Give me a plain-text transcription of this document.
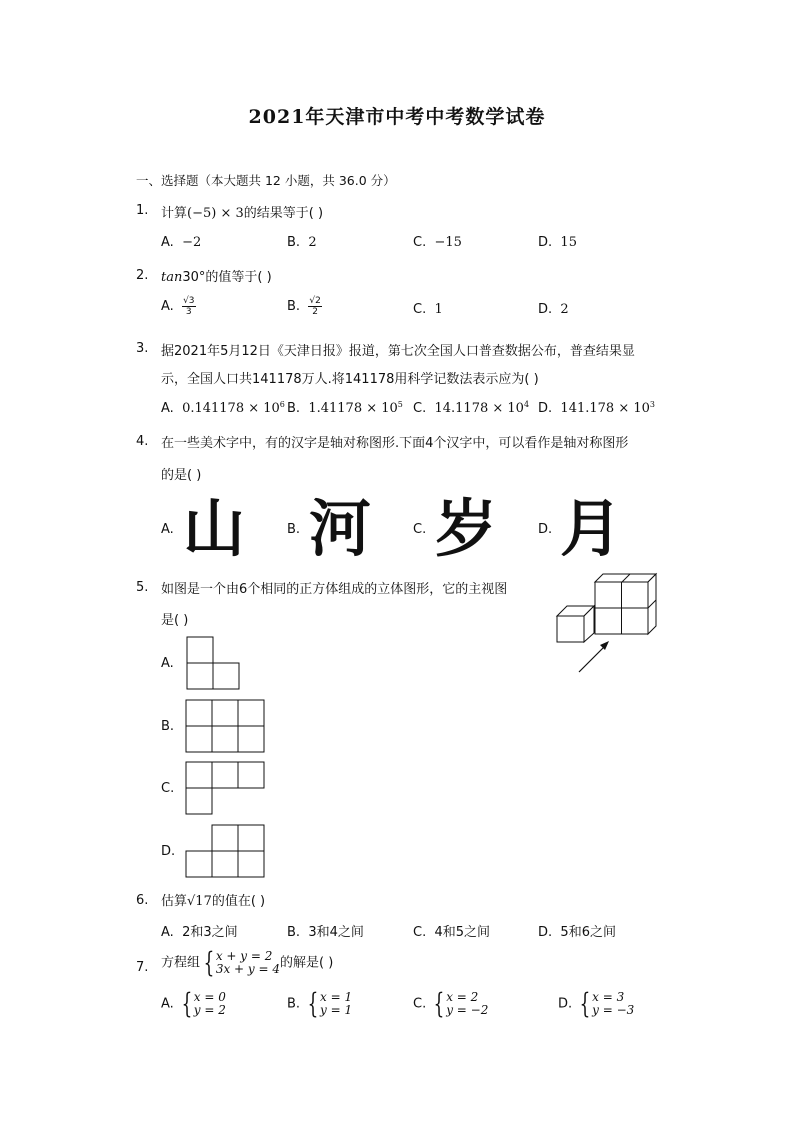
2021年天津市中考中考数学试卷
一、选择题（本大题共 12 小题，共 36.0 分）
1. 计算(−5) × 3的结果等于( )
A. −2	B. 2	C. −15	D. 15
2. tan30°的值等于( )
A. $\frac{√3}{3}$	B. $\frac{√2}{2}$	C. 1	D. 2
3. 据2021年5月12日《天津日报》报道，第七次全国人口普查数据公布，普查结果显
示，全国人口共141178万人.将141178用科学记数法表示应为( )
A. $0.141178 \times 10^6$ B. $1.41178 \times 10^5$ C. $14.1178 \times 10^4$ D. $141.178 \times 10^3$
4. 在一些美术字中，有的汉字是轴对称图形.下面4个汉字中，可以看作是轴对称图形
的是( )
A. 山	B. 河	C. 岁	D. 月
5. 如图是一个由6个相同的正方体组成的立体图形，它的主视图
是( )
A.
B.
C.
D.
6. 估算√17的值在( )
A. 2和3之间	B. 3和4之间	C. 4和5之间	D. 5和6之间
7. 方程组 { x + y = 2
3x + y = 4 的解是( )
A. { x = 0
y = 2	B. { x = 1
y = 1	C. { x = 2
y = −2	D. { x = 3
y = −3
